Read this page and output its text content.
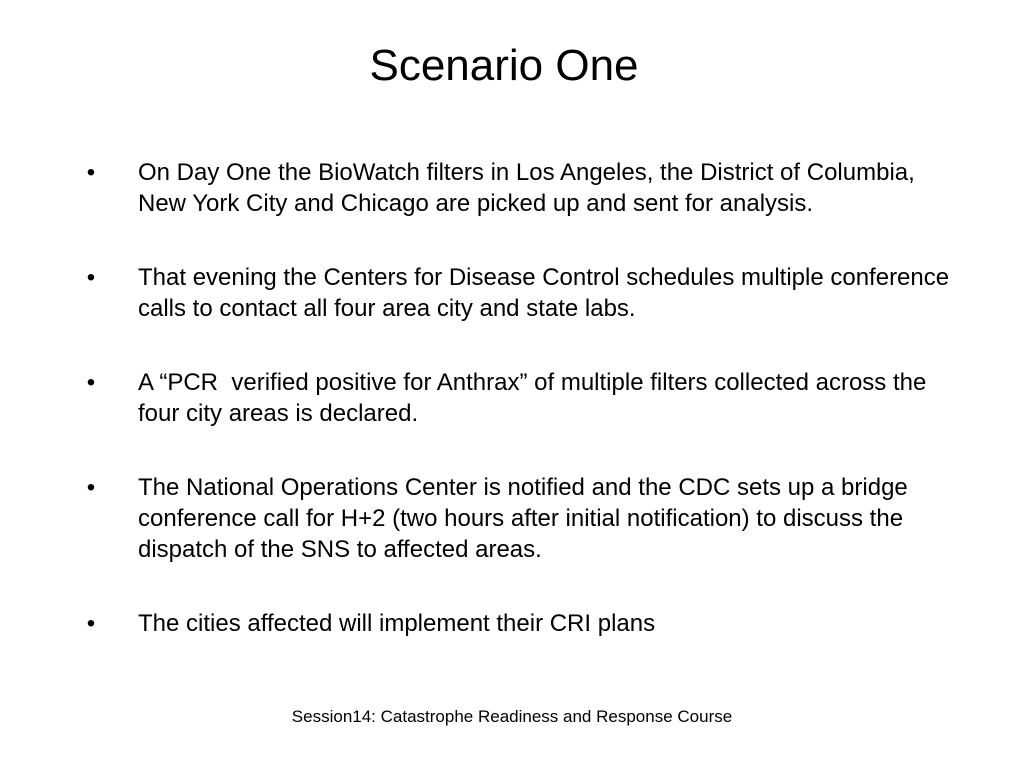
Scenario One
• On Day One the BioWatch filters in Los Angeles, the District of Columbia, New York City and Chicago are picked up and sent for analysis.
• That evening the Centers for Disease Control schedules multiple conference calls to contact all four area city and state labs.
• A “PCR  verified positive for Anthrax” of multiple filters collected across the four city areas is declared.
• The National Operations Center is notified and the CDC sets up a bridge conference call for H+2 (two hours after initial notification) to discuss the dispatch of the SNS to affected areas.
• The cities affected will implement their CRI plans
Session14: Catastrophe Readiness and Response Course
